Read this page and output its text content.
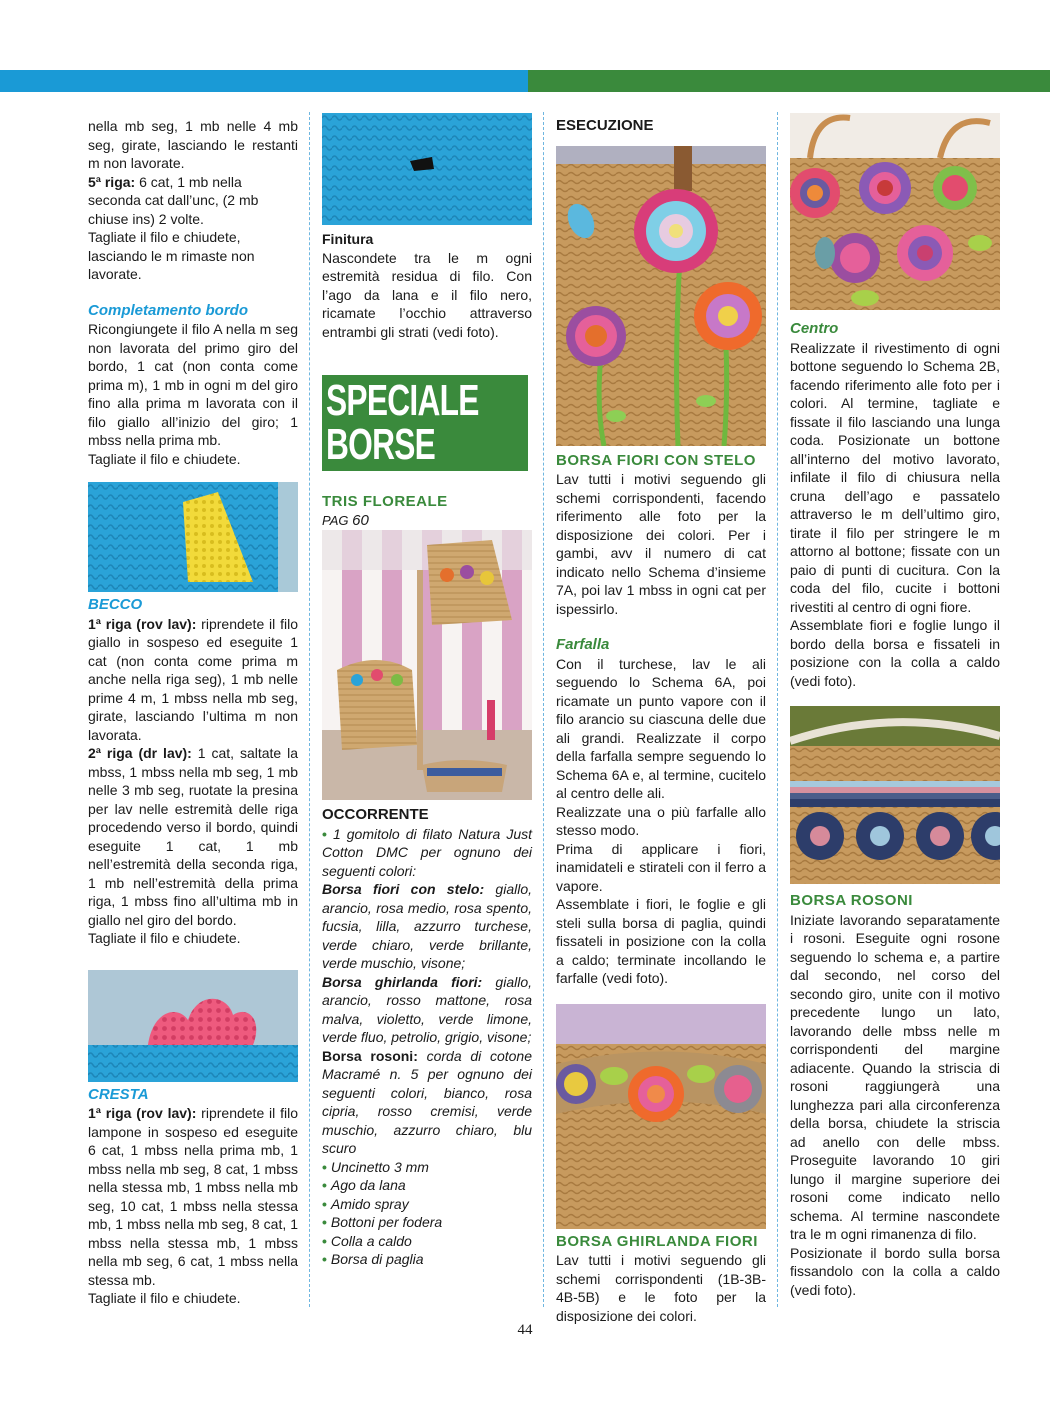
nella mb seg, 1 mb nelle 4 mb seg, girate, lasciando le restanti m non lavorate.

5ª riga: 6 cat, 1 mb nella seconda cat dall’unc, (2 mb chiuse ins) 2 volte.

Tagliate il filo e chiudete, lasciando le m rimaste non lavorate.

Completamento bordo

Ricongiungete il filo A nella m seg non lavorata del primo giro del bordo, 1 cat (non conta come prima m), 1 mb in ogni m del giro fino alla prima m lavorata con il filo giallo all’inizio del giro; 1 mbss nella prima mb.

Tagliate il filo e chiudete.

BECCO

1ª riga (rov lav): riprendete il filo giallo in sospeso ed eseguite 1 cat (non conta come prima m anche nella riga seg), 1 mb nelle prime 4 m, 1 mbss nella mb seg, girate, lasciando l’ultima m non lavorata.

2ª riga (dr lav): 1 cat, saltate la mbss, 1 mbss nella mb seg, 1 mb nelle 3 mb seg, ruotate la presina per lav nelle estremità delle riga procedendo verso il bordo, quindi eseguite 1 cat, 1 mb nell’estremità della seconda riga, 1 mb nell’estremità della prima riga, 1 mbss fino all’ultima mb in giallo nel giro del bordo.

Tagliate il filo e chiudete.

CRESTA

1ª riga (rov lav): riprendete il filo lampone in sospeso ed eseguite 6 cat, 1 mbss nella prima mb, 1 mbss nella mb seg, 8 cat, 1 mbss nella stessa mb, 1 mbss nella mb seg, 10 cat, 1 mbss nella stessa mb, 1 mbss nella mb seg, 8 cat, 1 mbss nella stessa mb, 1 mbss nella mb seg, 6 cat, 1 mbss nella stessa mb.

Tagliate il filo e chiudete.

Finitura

Nascondete tra le m ogni estremità residua di filo. Con l’ago da lana e il filo nero, ricamate l’occhio attraverso entrambi gli strati (vedi foto).

SPECIALE
BORSE

TRIS FLOREALE

PAG 60

OCCORRENTE

• 1 gomitolo di filato Natura Just Cotton DMC per ognuno dei seguenti colori:

Borsa fiori con stelo: giallo, arancio, rosa medio, rosa spento, fucsia, lilla, azzurro turchese, verde chiaro, verde brillante, verde muschio, visone;

Borsa ghirlanda fiori: giallo, arancio, rosso mattone, rosa malva, violetto, verde limone, verde fluo, petrolio, grigio, visone;

Borsa rosoni: corda di cotone Macramé n. 5 per ognuno dei seguenti colori, bianco, rosa cipria, rosso cremisi, verde muschio, azzurro chiaro, blu scuro

• Uncinetto 3 mm
• Ago da lana
• Amido spray
• Bottoni per fodera
• Colla a caldo
• Borsa di paglia

ESECUZIONE

BORSA FIORI CON STELO

Lav tutti i motivi seguendo gli schemi corrispondenti, facendo riferimento alle foto per la disposizione dei colori. Per i gambi, avv il numero di cat indicato nello Schema d’insieme 7A, poi lav 1 mbss in ogni cat per ispessirlo.

Farfalla

Con il turchese, lav le ali seguendo lo Schema 6A, poi ricamate un punto vapore con il filo arancio su ciascuna delle due ali grandi. Realizzate il corpo della farfalla sempre seguendo lo Schema 6A e, al termine, cucitelo al centro delle ali.

Realizzate una o più farfalle allo stesso modo.

Prima di applicare i fiori, inamidateli e stirateli con il ferro a vapore.

Assemblate i fiori, le foglie e gli steli sulla borsa di paglia, quindi fissateli in posizione con la colla a caldo; terminate incollando le farfalle (vedi foto).

BORSA GHIRLANDA FIORI

Lav tutti i motivi seguendo gli schemi corrispondenti (1B-3B-4B-5B) e le foto per la disposizione dei colori.

Centro

Realizzate il rivestimento di ogni bottone seguendo lo Schema 2B, facendo riferimento alle foto per i colori. Al termine, tagliate e fissate il filo lasciando una lunga coda. Posizionate un bottone all’interno del motivo lavorato, infilate il filo di chiusura nella cruna dell’ago e passatelo attraverso le m dell’ultimo giro, tirate il filo per stringere le m attorno al bottone; fissate con un paio di punti di cucitura. Con la coda del filo, cucite i bottoni rivestiti al centro di ogni fiore.

Assemblate fiori e foglie lungo il bordo della borsa e fissateli in posizione con la colla a caldo (vedi foto).

BORSA ROSONI

Iniziate lavorando separatamente i rosoni. Eseguite ogni rosone seguendo lo schema e, a partire dal secondo, nel corso del secondo giro, unite con il motivo precedente lungo un lato, lavorando delle mbss nelle m corrispondenti del margine adiacente. Quando la striscia di rosoni raggiungerà una lunghezza pari alla circonferenza della borsa, chiudete la striscia ad anello con delle mbss. Proseguite lavorando 10 giri lungo il margine superiore dei rosoni come indicato nello schema. Al termine nascondete tra le m ogni rimanenza di filo.

Posizionate il bordo sulla borsa fissandolo con la colla a caldo (vedi foto).

44
